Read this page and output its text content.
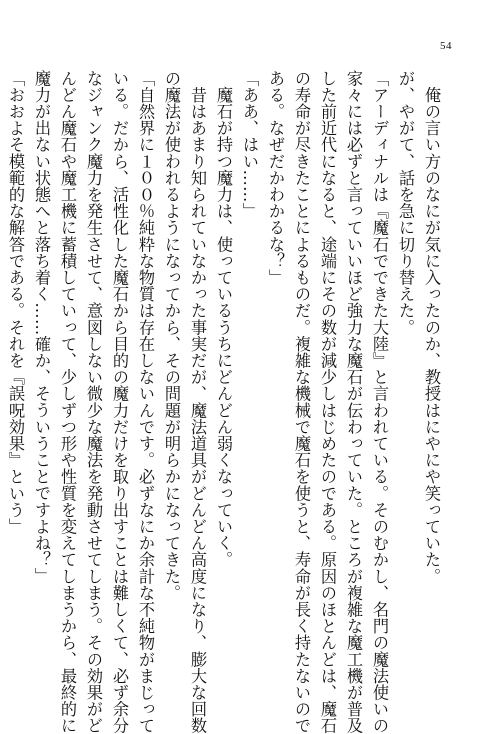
54
　俺の言い方のなにが気に入ったのか、教授はにやにや笑っていた。
が、やがて、話を急に切り替えた。
「アーディナルは『魔石でできた大陸』と言われている。そのむかし、名門の魔法使いの
家々には必ずと言っていいほど強力な魔石が伝わっていた。ところが複雑な魔工機が普及
した前近代になると、途端にその数が減少しはじめたのである。原因のほとんどは、魔石
の寿命が尽きたことによるものだ。複雑な機械で魔石を使うと、寿命が長く持たないので
ある。なぜだかわかるな？」
「ああ、はい……」
　魔石が持つ魔力は、使っているうちにどんどん弱くなっていく。
　昔はあまり知られていなかった事実だが、魔法道具がどんどん高度になり、膨大な回数
の魔法が使われるようになってから、その問題が明らかになってきた。
「自然界に１００％純粋な物質は存在しないんです。必ずなにか余計な不純物がまじって
いる。だから、活性化した魔石から目的の魔力だけを取り出すことは難しくて、必ず余分
なジャンク魔力を発生させて、意図しない微少な魔法を発動させてしまう。その効果がど
んどん魔石や魔工機に蓄積していって、少しずつ形や性質を変えてしまうから、最終的に
魔力が出ない状態へと落ち着く……確か、そういうことですよね？」
「おおよそ模範的な解答である。それを『誤呪効果』という」
